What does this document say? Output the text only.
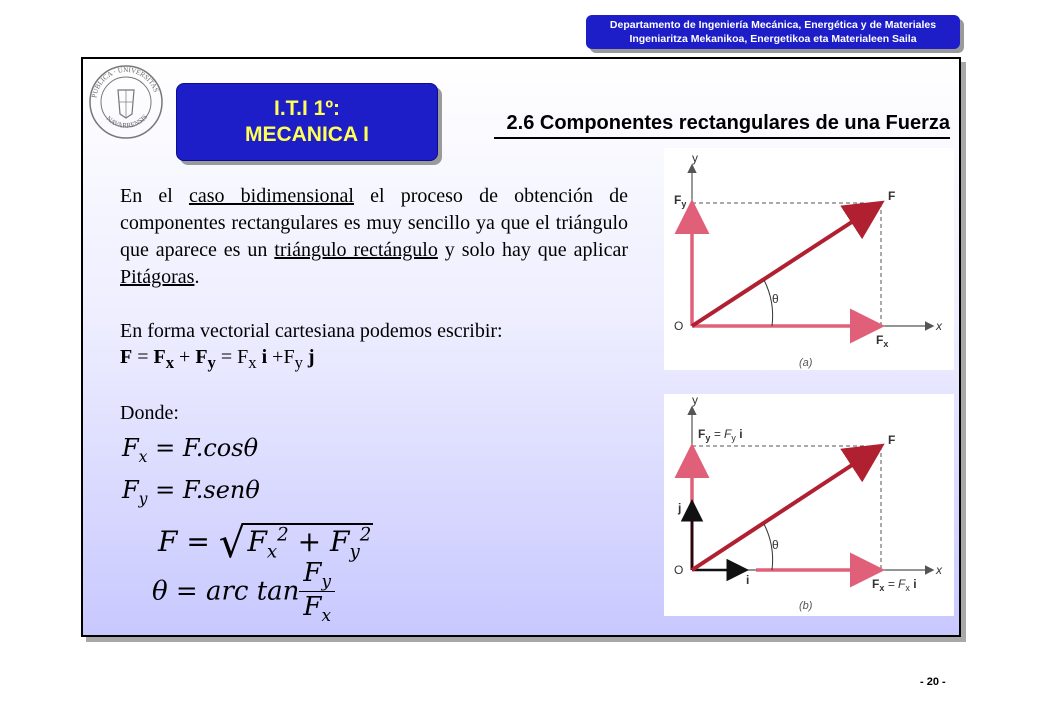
Departamento de Ingeniería Mecánica, Energética y de Materiales
Ingeniaritza Mekanikoa, Energetikoa eta Materialeen Saila
PUBLICA · UNIVERSITAS
NAVARRENSIS	I.T.I 1º:
MECANICA I	2.6 Componentes rectangulares de una Fuerza
En el caso bidimensional el proceso de obtención de componentes rectangulares es muy sencillo ya que el triángulo que aparece es un triángulo rectángulo y solo hay que aplicar Pitágoras.
En forma vectorial cartesiana podemos escribir:
$F = F_x + F_y = F_x$ $i +F_y$ j
Donde:
$F_x = F.\cos\theta$
$F_y = F.sen\theta$
$F = √F_x^2 + F_y^2$
θ = arc $\tan \frac{F_y}{F_x}$
y
x
O
$F_y$
F
$F_x$
θ
(a)
y
x
O
$F_y = F_y$ i	F
j
i	$F_x = F_x$ i
θ
(b)
- 20 -
